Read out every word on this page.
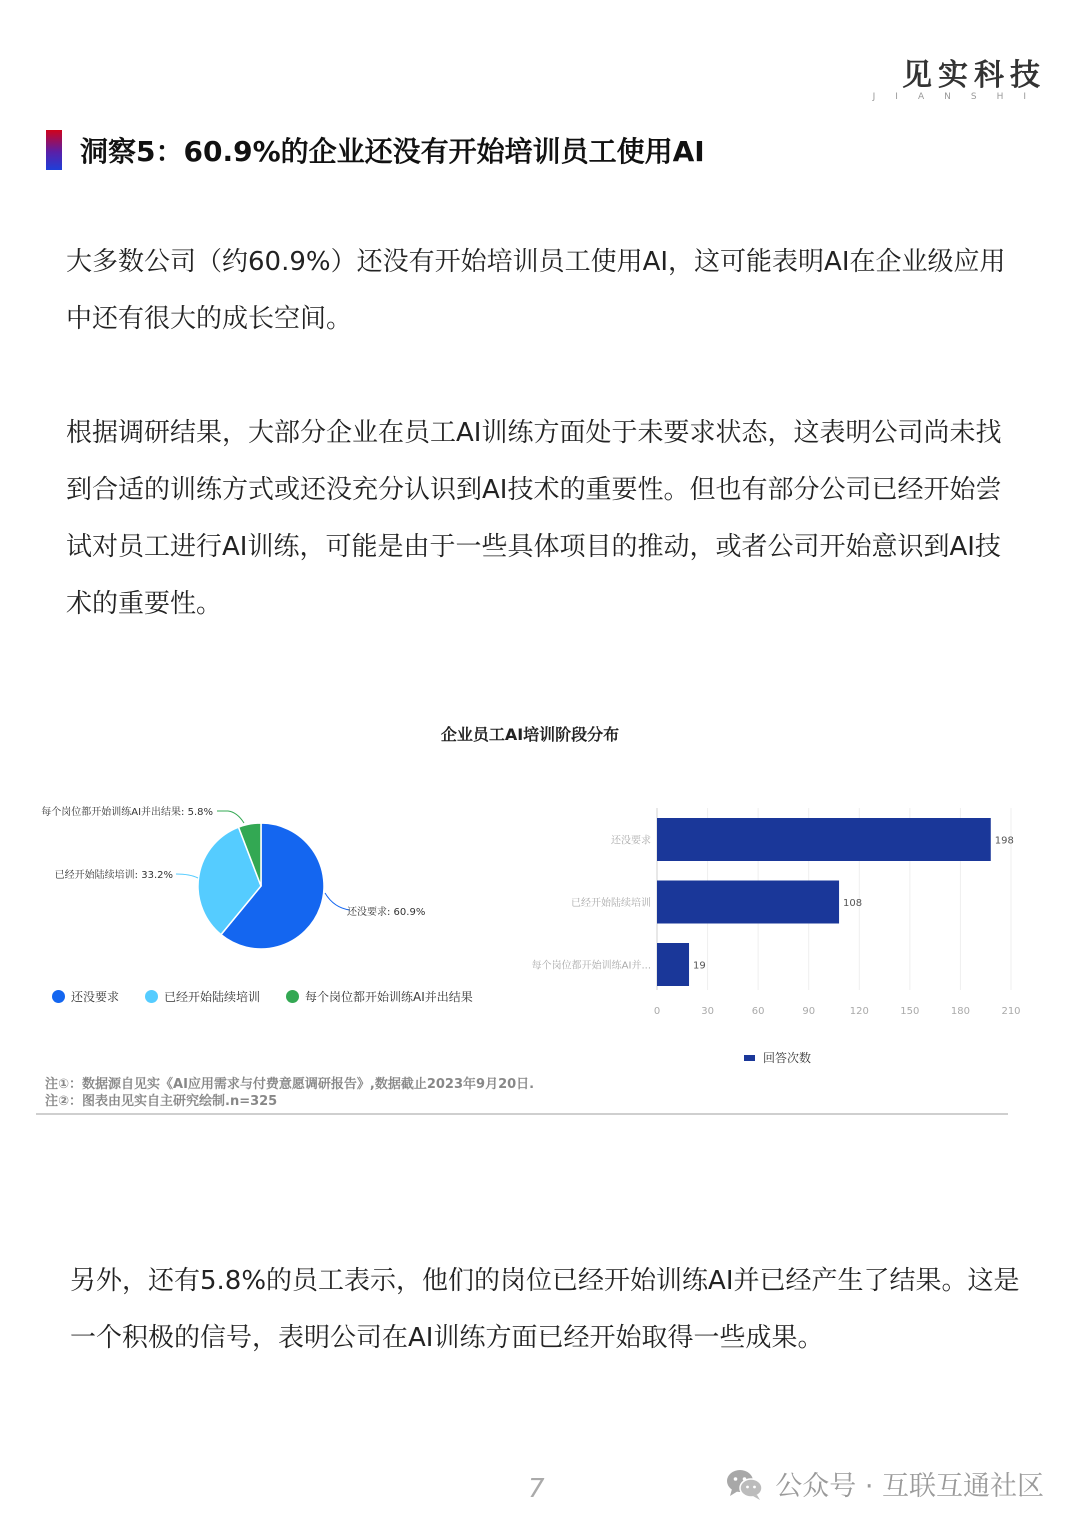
见实科技
JIANSHI
洞察5：60.9%的企业还没有开始培训员工使用AI

大多数公司（约60.9%）还没有开始培训员工使用AI，这可能表明AI在企业级应用中还有很大的成长空间。

根据调研结果，大部分企业在员工AI训练方面处于未要求状态，这表明公司尚未找到合适的训练方式或还没充分认识到AI技术的重要性。但也有部分公司已经开始尝试对员工进行AI训练，可能是由于一些具体项目的推动，或者公司开始意识到AI技术的重要性。

企业员工AI培训阶段分布
还没要求: 60.9%
已经开始陆续培训: 33.2%
每个岗位都开始训练AI并出结果: 5.8%
还没要求	已经开始陆续培训	每个岗位都开始训练AI并出结果
198
还没要求
108
已经开始陆续培训
19
每个岗位都开始训练AI并...
0	30	60	90	120	150	180	210
回答次数
注①：数据源自见实《AI应用需求与付费意愿调研报告》,数据截止2023年9月20日.
注②：图表由见实自主研究绘制.n=325

另外，还有5.8%的员工表示，他们的岗位已经开始训练AI并已经产生了结果。这是一个积极的信号，表明公司在AI训练方面已经开始取得一些成果。

7	公众号 · 互联互通社区
